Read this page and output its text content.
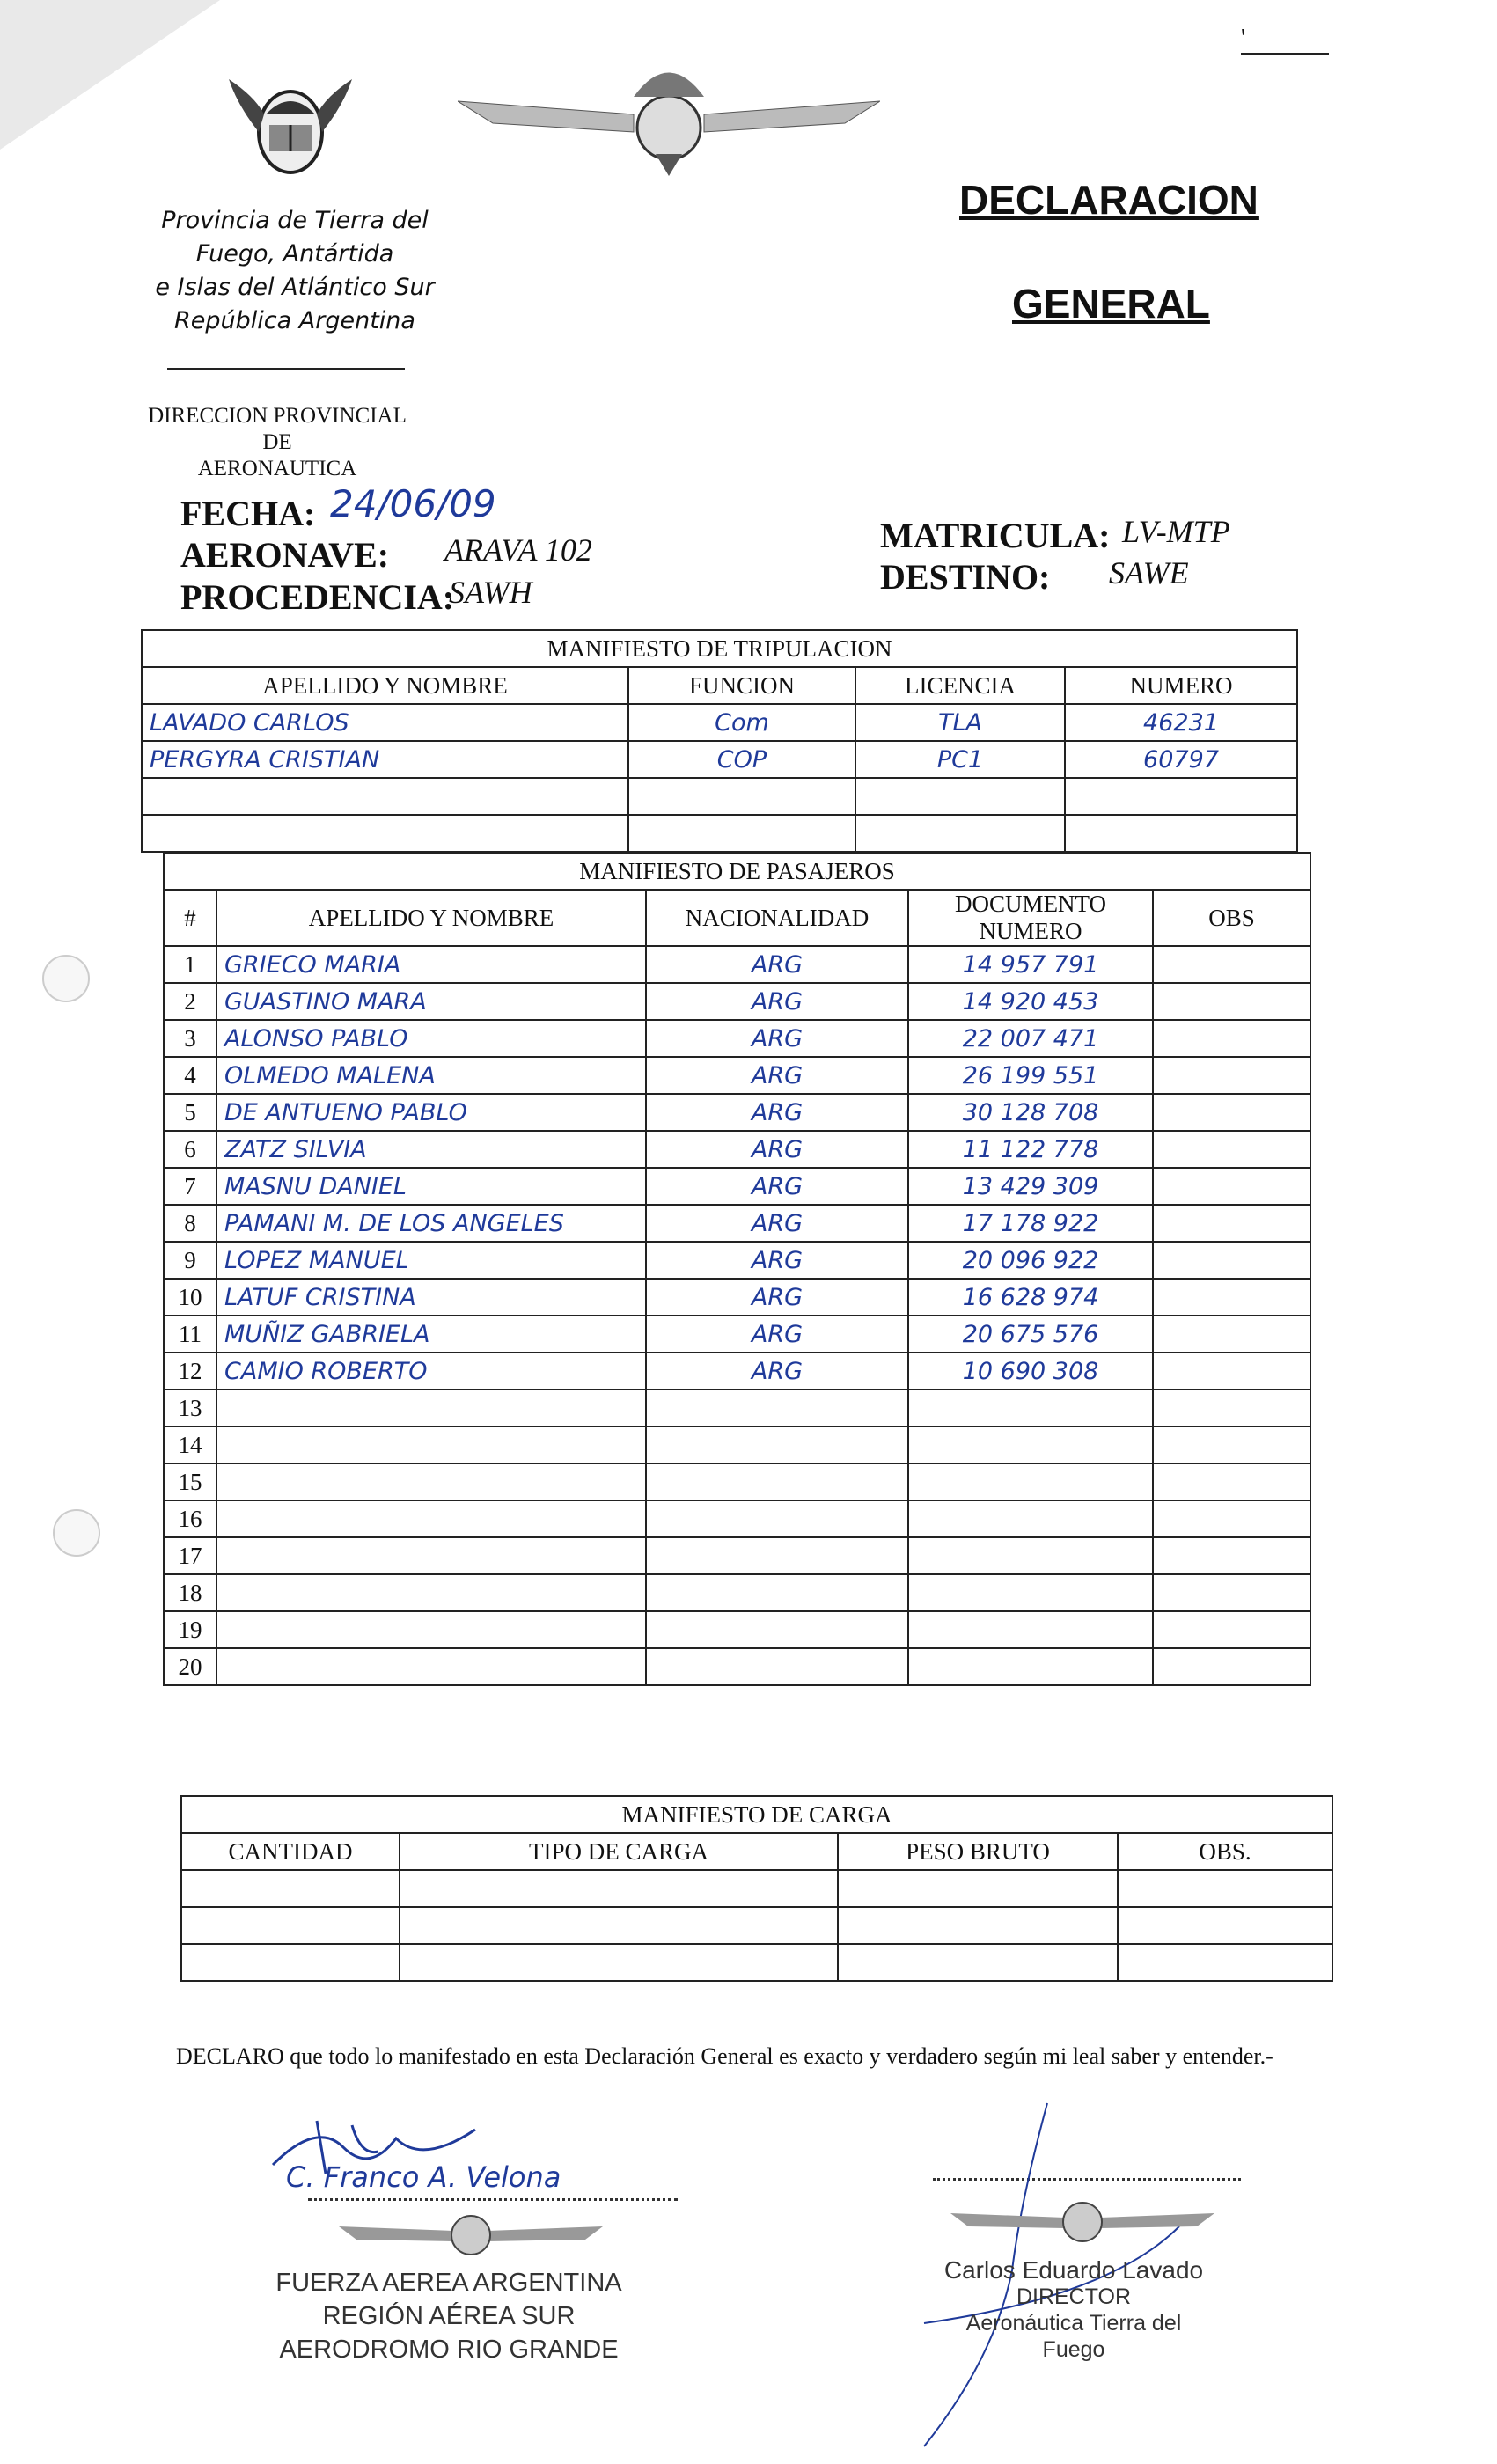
'
Provincia de Tierra del
Fuego, Antártida
e Islas del Atlántico Sur
República Argentina
DIRECCION PROVINCIAL DE
AERONAUTICA
DECLARACION
GENERAL
FECHA: 24/06/09
AERONAVE: ARAVA 102
PROCEDENCIA:
SAWH
MATRICULA: LV-MTP
DESTINO: SAWE
MANIFIESTO DE TRIPULACION			
APELLIDO Y NOMBRE	FUNCION	LICENCIA	NUMERO
LAVADO CARLOS	Com	TLA	46231
PERGYRA CRISTIAN	COP	PC1	60797

MANIFIESTO DE PASAJEROS				
#	APELLIDO Y NOMBRE	NACIONALIDAD	DOCUMENTO NUMERO	OBS
1	GRIECO MARIA	ARG	14 957 791	
2	GUASTINO MARA	ARG	14 920 453	
3	ALONSO PABLO	ARG	22 007 471	
4	OLMEDO MALENA	ARG	26 199 551	
5	DE ANTUENO PABLO	ARG	30 128 708	
6	ZATZ SILVIA	ARG	11 122 778	
7	MASNU DANIEL	ARG	13 429 309	
8	PAMANI M. DE LOS ANGELES	ARG	17 178 922	
9	LOPEZ MANUEL	ARG	20 096 922	
10	LATUF CRISTINA	ARG	16 628 974	
11	MUÑIZ GABRIELA	ARG	20 675 576	
12	CAMIO ROBERTO	ARG	10 690 308	
13				
14				
15				
16				
17				
18				
19				
20				
MANIFIESTO DE CARGA			
CANTIDAD	TIPO DE CARGA	PESO BRUTO	OBS.

DECLARO que todo lo manifestado en esta Declaración General es exacto y verdadero según mi leal saber y entender.-
C. Franco A. Velona
FUERZA AEREA ARGENTINA
REGIÓN AÉREA SUR
AERODROMO RIO GRANDE
Carlos Eduardo Lavado
DIRECTOR
Aeronáutica Tierra del Fuego
